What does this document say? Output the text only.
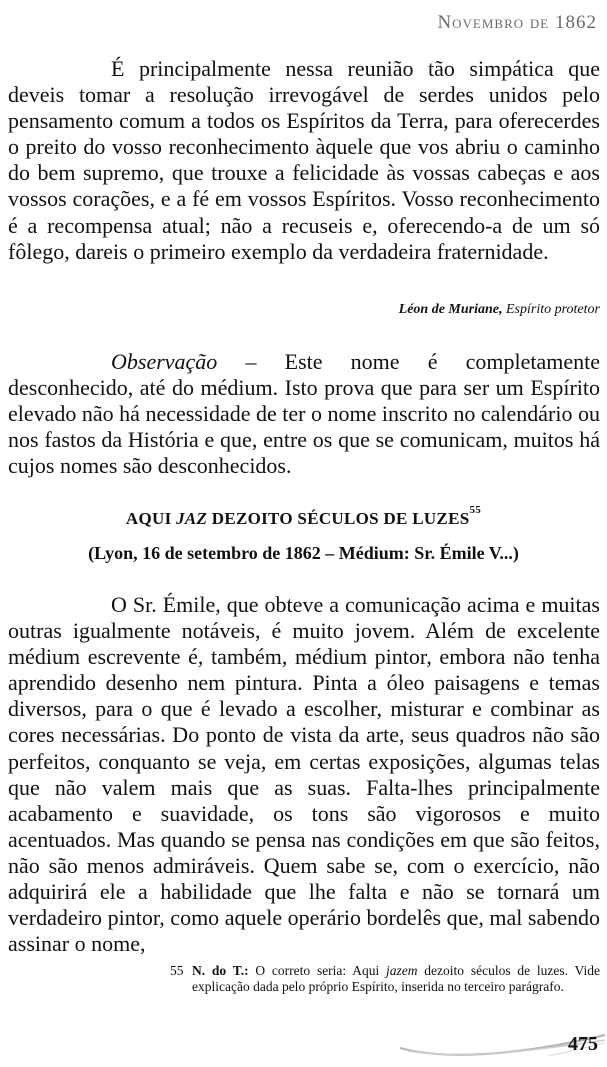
Novembro de 1862

É principalmente nessa reunião tão simpática que deveis tomar a resolução irrevogável de serdes unidos pelo pensamento comum a todos os Espíritos da Terra, para oferecerdes o preito do vosso reconhecimento àquele que vos abriu o caminho do bem supremo, que trouxe a felicidade às vossas cabeças e aos vossos corações, e a fé em vossos Espíritos. Vosso reconhecimento é a recompensa atual; não a recuseis e, oferecendo-a de um só fôlego, dareis o primeiro exemplo da verdadeira fraternidade.

Léon de Muriane, Espírito protetor

Observação – Este nome é completamente desconhecido, até do médium. Isto prova que para ser um Espírito elevado não há necessidade de ter o nome inscrito no calendário ou nos fastos da História e que, entre os que se comunicam, muitos há cujos nomes são desconhecidos.

AQUI JAZ DEZOITO SÉCULOS DE LUZES$^{55}$
(Lyon, 16 de setembro de 1862 – Médium: Sr. Émile V...)

O Sr. Émile, que obteve a comunicação acima e muitas outras igualmente notáveis, é muito jovem. Além de excelente médium escrevente é, também, médium pintor, embora não tenha aprendido desenho nem pintura. Pinta a óleo paisagens e temas diversos, para o que é levado a escolher, misturar e combinar as cores necessárias. Do ponto de vista da arte, seus quadros não são perfeitos, conquanto se veja, em certas exposições, algumas telas que não valem mais que as suas. Falta-lhes principalmente acabamento e suavidade, os tons são vigorosos e muito acentuados. Mas quando se pensa nas condições em que são feitos, não são menos admiráveis. Quem sabe se, com o exercício, não adquirirá ele a habilidade que lhe falta e não se tornará um verdadeiro pintor, como aquele operário bordelês que, mal sabendo assinar o nome,

55 N. do T.: O correto seria: Aqui jazem dezoito séculos de luzes. Vide explicação dada pelo próprio Espírito, inserida no terceiro parágrafo.
475
